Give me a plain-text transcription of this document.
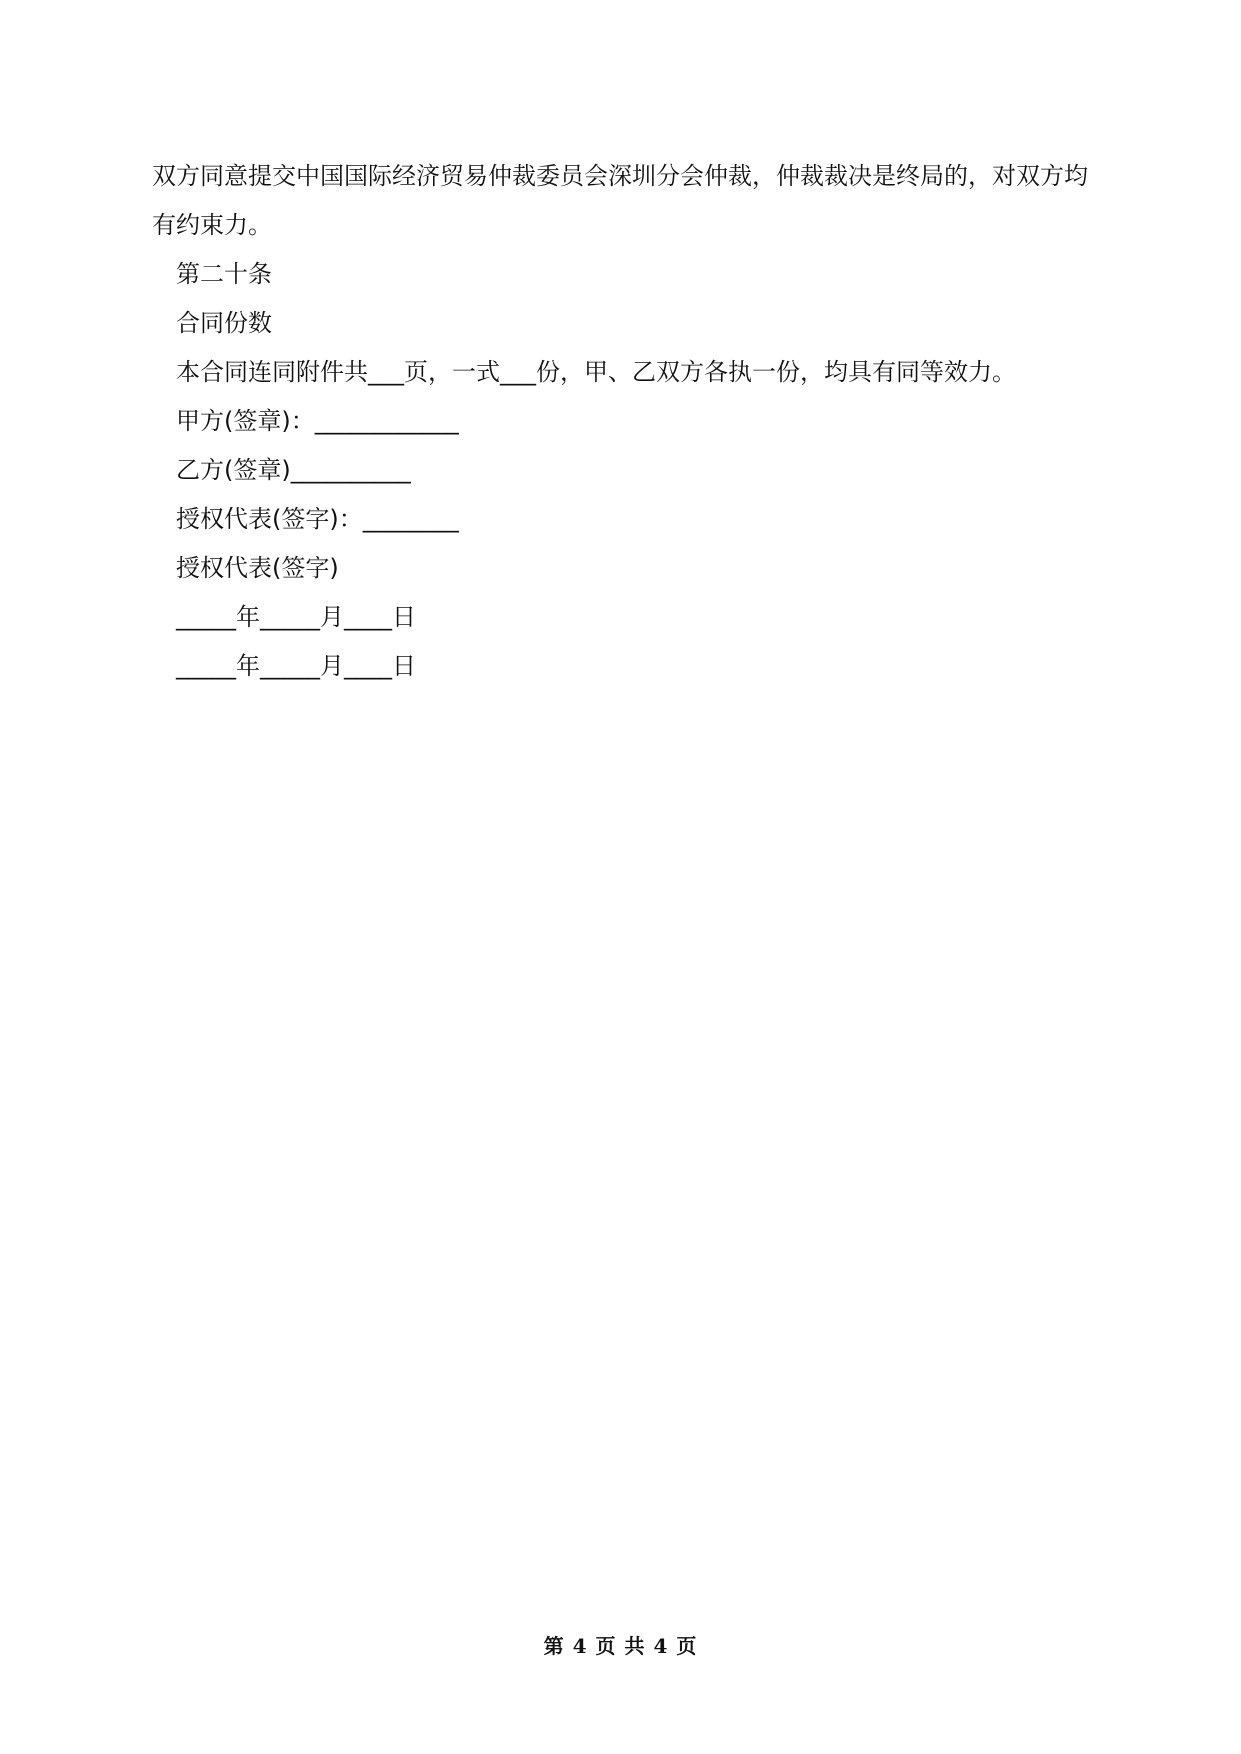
双方同意提交中国国际经济贸易仲裁委员会深圳分会仲裁，仲裁裁决是终局的，对双方均有约束力。

第二十条

合同份数

本合同连同附件共___页，一式___份，甲、乙双方各执一份，均具有同等效力。

甲方(签章)：____________

乙方(签章)__________

授权代表(签字)：________

授权代表(签字)

_____年_____月____日

_____年_____月____日

第 4 页 共 4 页
